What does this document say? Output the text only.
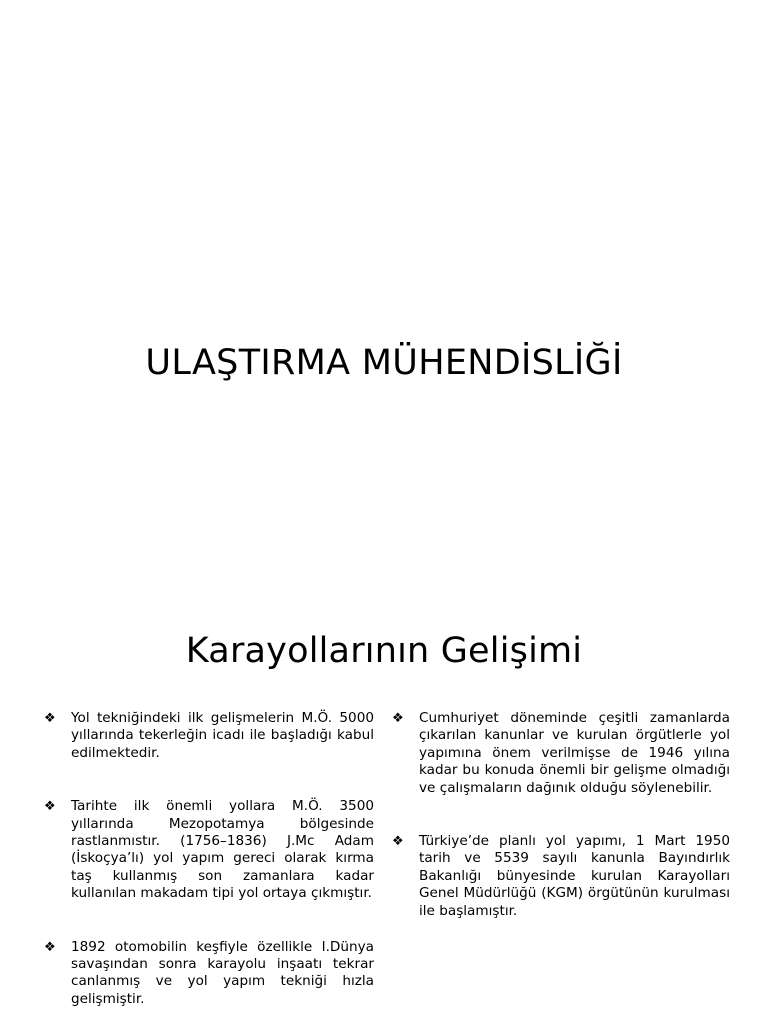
ULAŞTIRMA MÜHENDİSLİĞİ
Karayollarının Gelişimi
❖ Yol tekniğindeki ilk gelişmelerin M.Ö. 5000 yıllarında tekerleğin icadı ile başladığı kabul edilmektedir.
❖ Tarihte ilk önemli yollara M.Ö. 3500 yıllarında Mezopotamya bölgesinde rastlanmıstır. (1756–1836) J.Mc Adam (İskoçya’lı) yol yapım gereci olarak kırma taş kullanmış son zamanlara kadar kullanılan makadam tipi yol ortaya çıkmıştır.
❖ 1892 otomobilin keşfiyle özellikle I.Dünya savaşından sonra karayolu inşaatı tekrar canlanmış ve yol yapım tekniği hızla gelişmiştir.
❖ Cumhuriyet döneminde çeşitli zamanlarda çıkarılan kanunlar ve kurulan örgütlerle yol yapımına önem verilmişse de 1946 yılına kadar bu konuda önemli bir gelişme olmadığı ve çalışmaların dağınık olduğu söylenebilir.
❖ Türkiye’de planlı yol yapımı, 1 Mart 1950 tarih ve 5539 sayılı kanunla Bayındırlık Bakanlığı bünyesinde kurulan Karayolları Genel Müdürlüğü (KGM) örgütünün kurulması ile başlamıştır.
